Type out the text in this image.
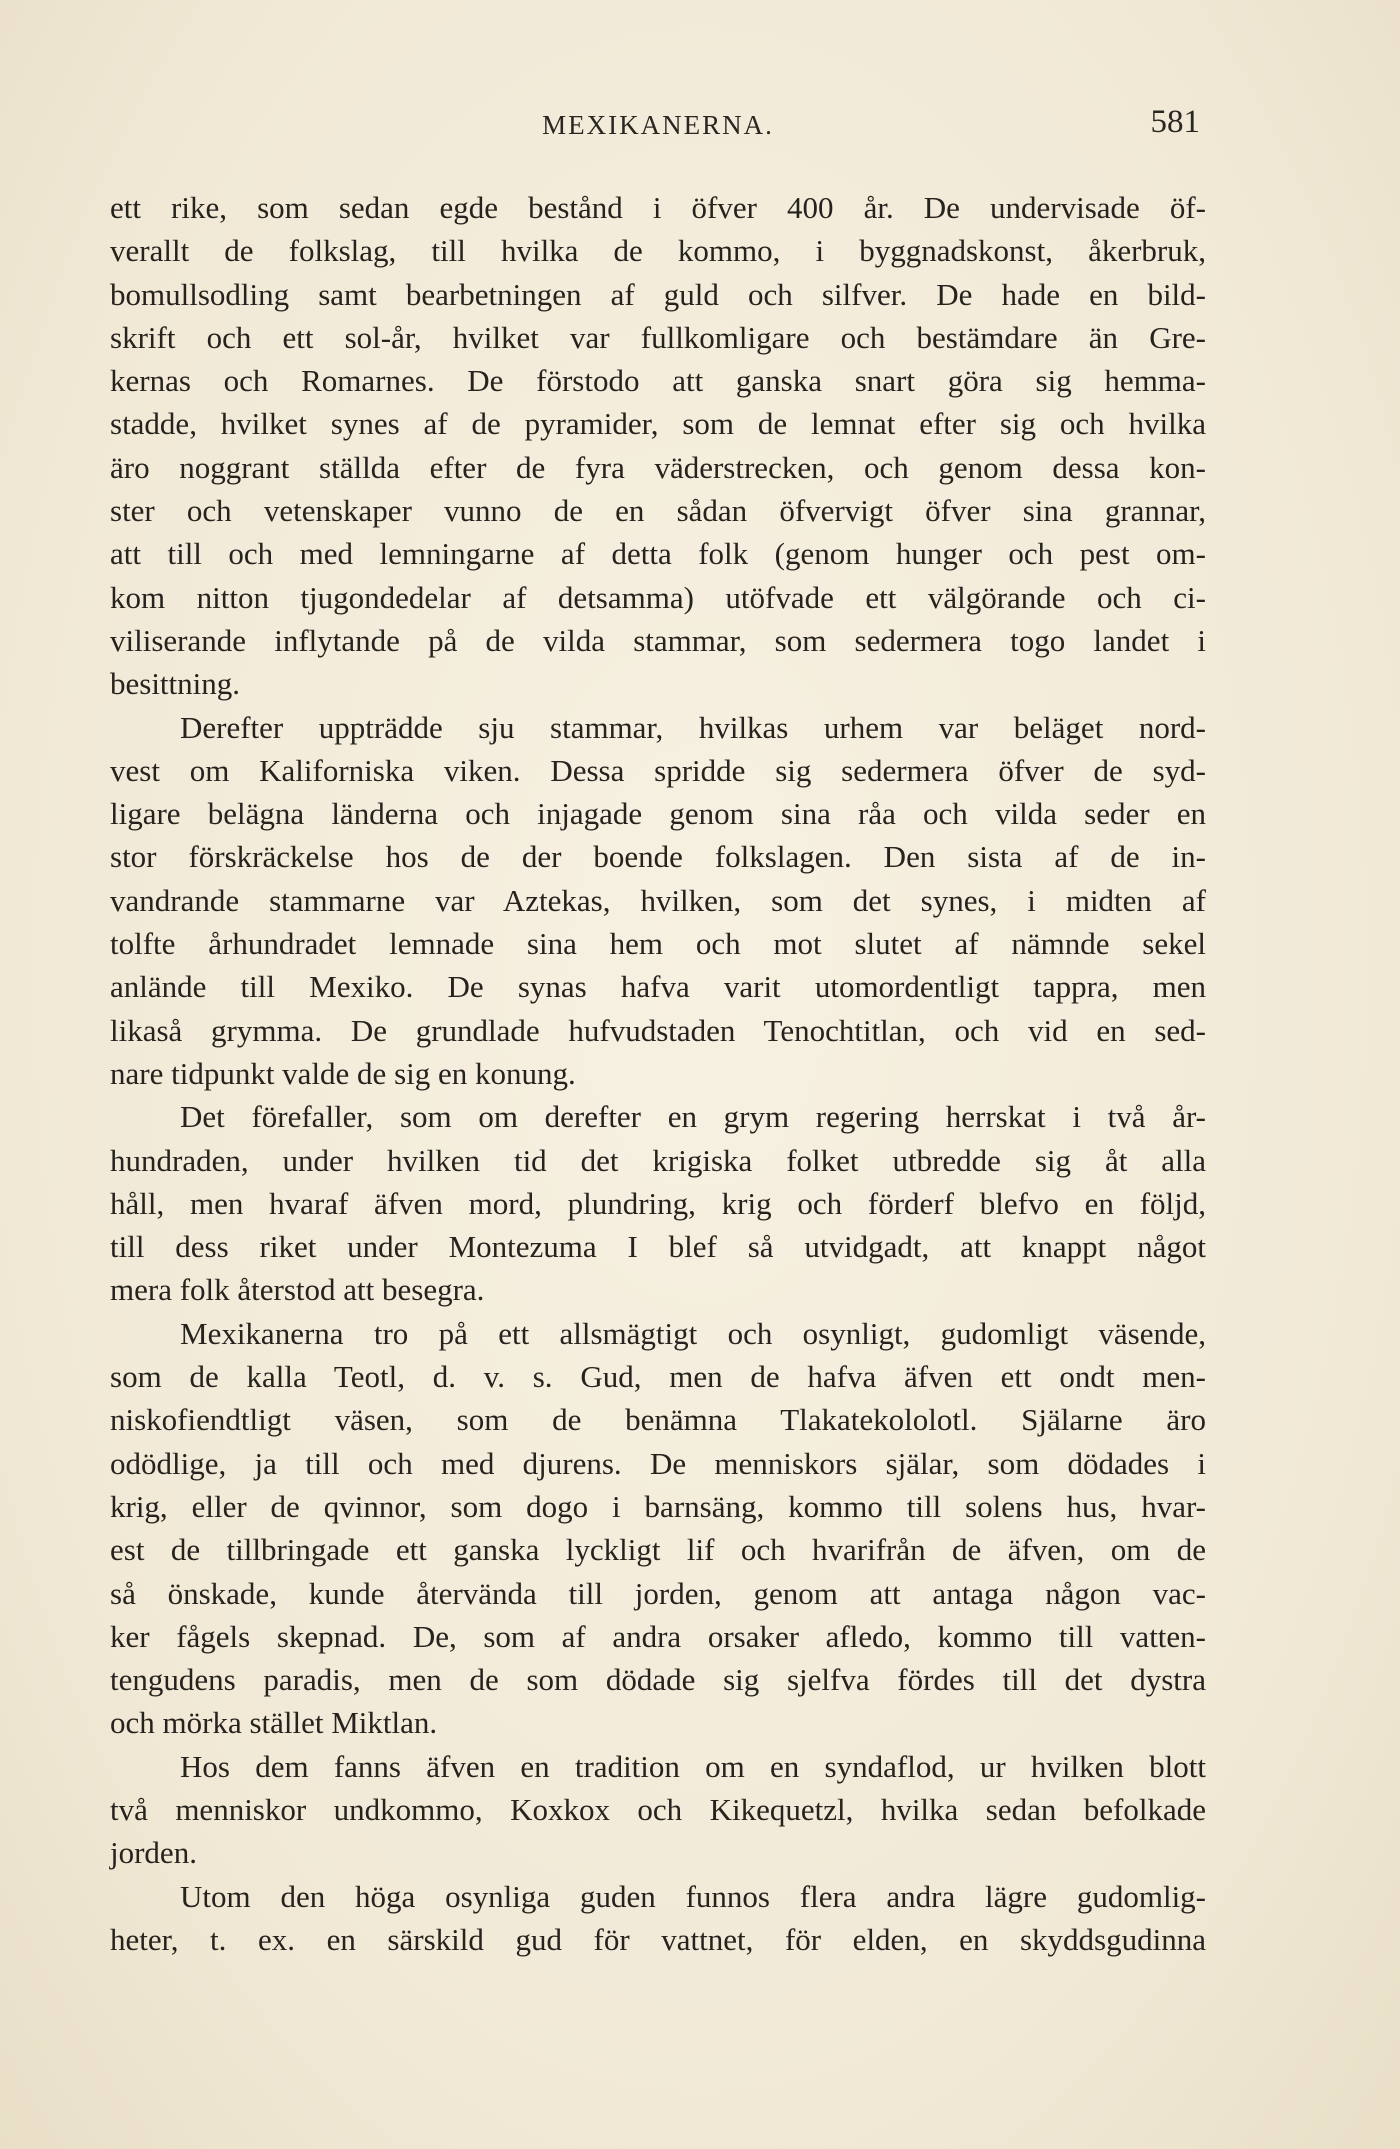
MEXIKANERNA.	581
ett rike, som sedan egde bestånd i öfver 400 år. De undervisade öf-
verallt de folkslag, till hvilka de kommo, i byggnadskonst, åkerbruk,
bomullsodling samt bearbetningen af guld och silfver. De hade en bild-
skrift och ett sol-år, hvilket var fullkomligare och bestämdare än Gre-
kernas och Romarnes. De förstodo att ganska snart göra sig hemma-
stadde, hvilket synes af de pyramider, som de lemnat efter sig och hvilka
äro noggrant ställda efter de fyra väderstrecken, och genom dessa kon-
ster och vetenskaper vunno de en sådan öfvervigt öfver sina grannar,
att till och med lemningarne af detta folk (genom hunger och pest om-
kom nitton tjugondedelar af detsamma) utöfvade ett välgörande och ci-
viliserande inflytande på de vilda stammar, som sedermera togo landet i
besittning.
Derefter uppträdde sju stammar, hvilkas urhem var beläget nord-
vest om Kaliforniska viken. Dessa spridde sig sedermera öfver de syd-
ligare belägna länderna och injagade genom sina råa och vilda seder en
stor förskräckelse hos de der boende folkslagen. Den sista af de in-
vandrande stammarne var Aztekas, hvilken, som det synes, i midten af
tolfte århundradet lemnade sina hem och mot slutet af nämnde sekel
anlände till Mexiko. De synas hafva varit utomordentligt tappra, men
likaså grymma. De grundlade hufvudstaden Tenochtitlan, och vid en sed-
nare tidpunkt valde de sig en konung.
Det förefaller, som om derefter en grym regering herrskat i två år-
hundraden, under hvilken tid det krigiska folket utbredde sig åt alla
håll, men hvaraf äfven mord, plundring, krig och förderf blefvo en följd,
till dess riket under Montezuma I blef så utvidgadt, att knappt något
mera folk återstod att besegra.
Mexikanerna tro på ett allsmägtigt och osynligt, gudomligt väsende,
som de kalla Teotl, d. v. s. Gud, men de hafva äfven ett ondt men-
niskofiendtligt väsen, som de benämna Tlakatekololotl. Själarne äro
odödlige, ja till och med djurens. De menniskors själar, som dödades i
krig, eller de qvinnor, som dogo i barnsäng, kommo till solens hus, hvar-
est de tillbringade ett ganska lyckligt lif och hvarifrån de äfven, om de
så önskade, kunde återvända till jorden, genom att antaga någon vac-
ker fågels skepnad. De, som af andra orsaker afledo, kommo till vatten-
tengudens paradis, men de som dödade sig sjelfva fördes till det dystra
och mörka stället Miktlan.
Hos dem fanns äfven en tradition om en syndaflod, ur hvilken blott
två menniskor undkommo, Koxkox och Kikequetzl, hvilka sedan befolkade
jorden.
Utom den höga osynliga guden funnos flera andra lägre gudomlig-
heter, t. ex. en särskild gud för vattnet, för elden, en skyddsgudinna
